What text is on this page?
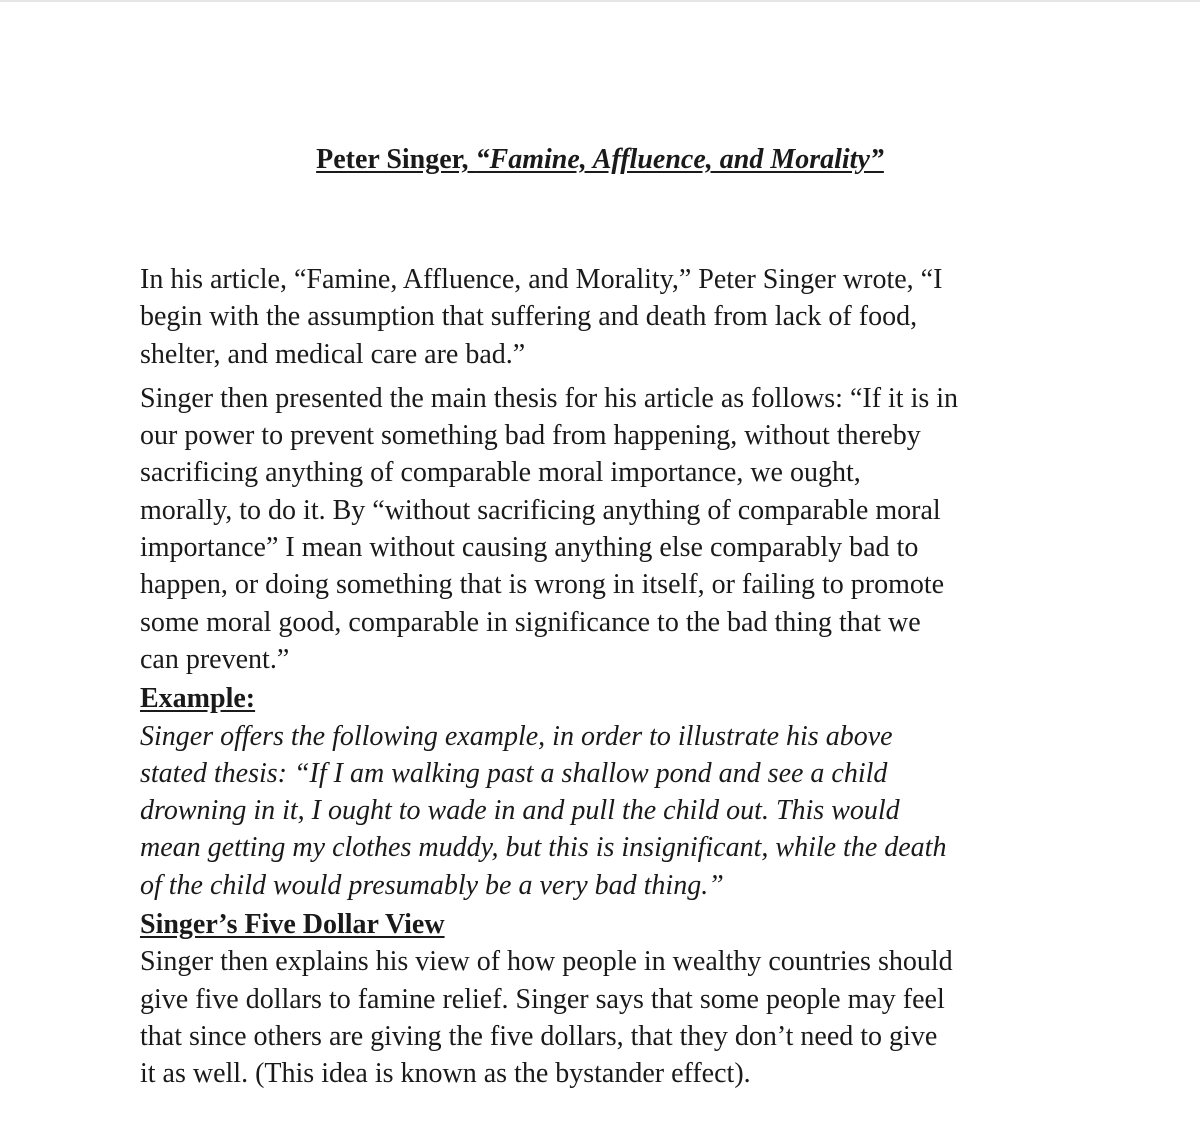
Peter Singer, “Famine, Affluence, and Morality”

In his article, “Famine, Affluence, and Morality,” Peter Singer wrote, “I
begin with the assumption that suffering and death from lack of food,
shelter, and medical care are bad.”

Singer then presented the main thesis for his article as follows: “If it is in
our power to prevent something bad from happening, without thereby
sacrificing anything of comparable moral importance, we ought,
morally, to do it. By “without sacrificing anything of comparable moral
importance” I mean without causing anything else comparably bad to
happen, or doing something that is wrong in itself, or failing to promote
some moral good, comparable in significance to the bad thing that we
can prevent.”

Example:

Singer offers the following example, in order to illustrate his above
stated thesis: “If I am walking past a shallow pond and see a child
drowning in it, I ought to wade in and pull the child out. This would
mean getting my clothes muddy, but this is insignificant, while the death
of the child would presumably be a very bad thing.”

Singer’s Five Dollar View

Singer then explains his view of how people in wealthy countries should
give five dollars to famine relief. Singer says that some people may feel
that since others are giving the five dollars, that they don’t need to give
it as well. (This idea is known as the bystander effect).
